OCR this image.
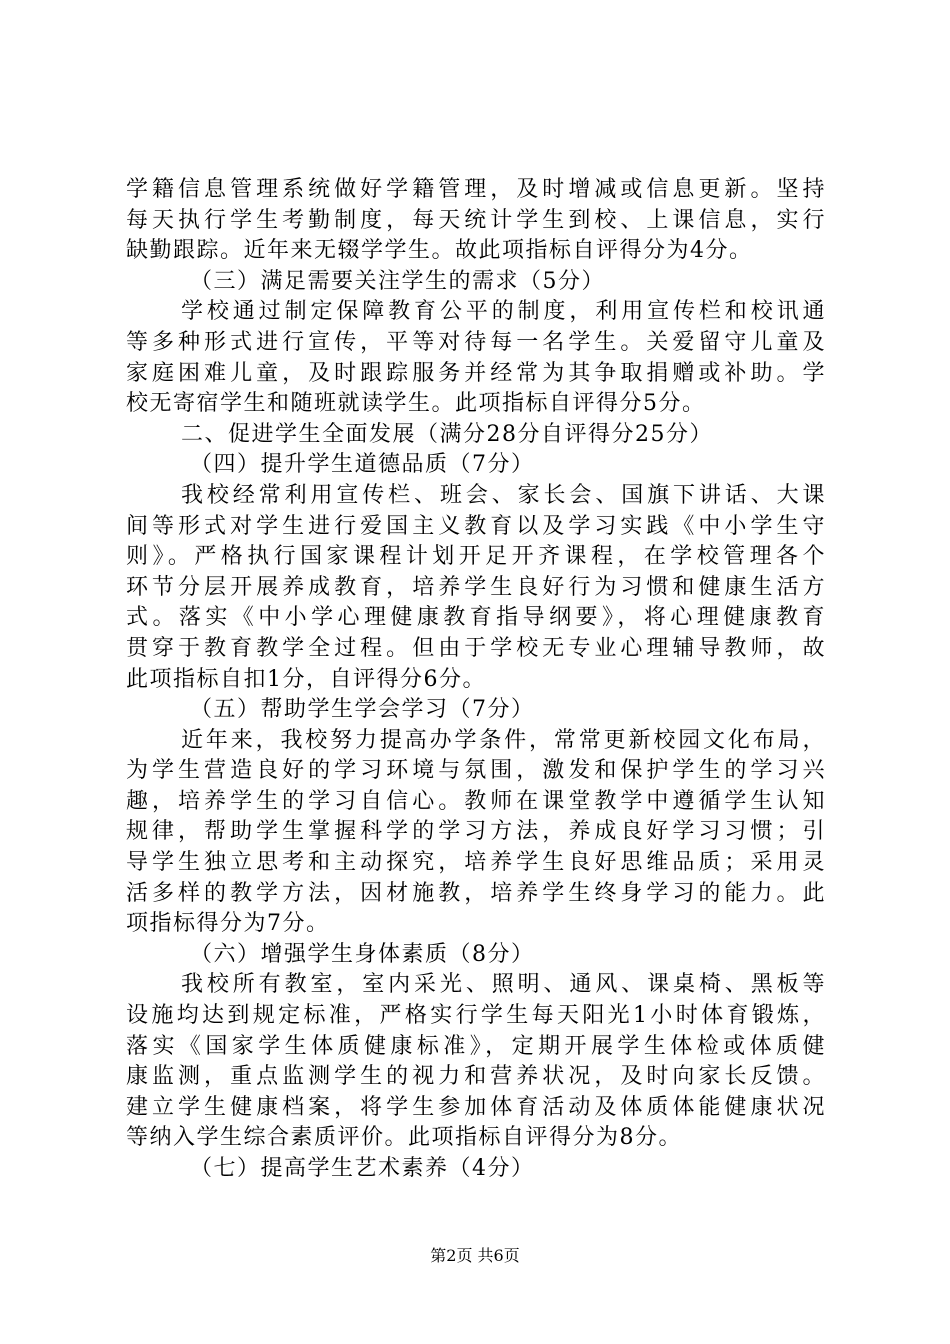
学籍信息管理系统做好学籍管理，及时增减或信息更新。坚持
每天执行学生考勤制度，每天统计学生到校、上课信息，实行
缺勤跟踪。近年来无辍学学生。故此项指标自评得分为4分。
（三）满足需要关注学生的需求（5分）
学校通过制定保障教育公平的制度，利用宣传栏和校讯通
等多种形式进行宣传，平等对待每一名学生。关爱留守儿童及
家庭困难儿童，及时跟踪服务并经常为其争取捐赠或补助。学
校无寄宿学生和随班就读学生。此项指标自评得分5分。
二、促进学生全面发展（满分28分自评得分25分）
（四）提升学生道德品质（7分）
我校经常利用宣传栏、班会、家长会、国旗下讲话、大课
间等形式对学生进行爱国主义教育以及学习实践《中小学生守
则》。严格执行国家课程计划开足开齐课程，在学校管理各个
环节分层开展养成教育，培养学生良好行为习惯和健康生活方
式。落实《中小学心理健康教育指导纲要》，将心理健康教育
贯穿于教育教学全过程。但由于学校无专业心理辅导教师，故
此项指标自扣1分，自评得分6分。
（五）帮助学生学会学习（7分）
近年来，我校努力提高办学条件，常常更新校园文化布局，
为学生营造良好的学习环境与氛围，激发和保护学生的学习兴
趣，培养学生的学习自信心。教师在课堂教学中遵循学生认知
规律，帮助学生掌握科学的学习方法，养成良好学习习惯；引
导学生独立思考和主动探究，培养学生良好思维品质；采用灵
活多样的教学方法，因材施教，培养学生终身学习的能力。此
项指标得分为7分。
（六）增强学生身体素质（8分）
我校所有教室，室内采光、照明、通风、课桌椅、黑板等
设施均达到规定标准，严格实行学生每天阳光1小时体育锻炼，
落实《国家学生体质健康标准》，定期开展学生体检或体质健
康监测，重点监测学生的视力和营养状况，及时向家长反馈。
建立学生健康档案，将学生参加体育活动及体质体能健康状况
等纳入学生综合素质评价。此项指标自评得分为8分。
（七）提高学生艺术素养（4分）
第2页 共6页
